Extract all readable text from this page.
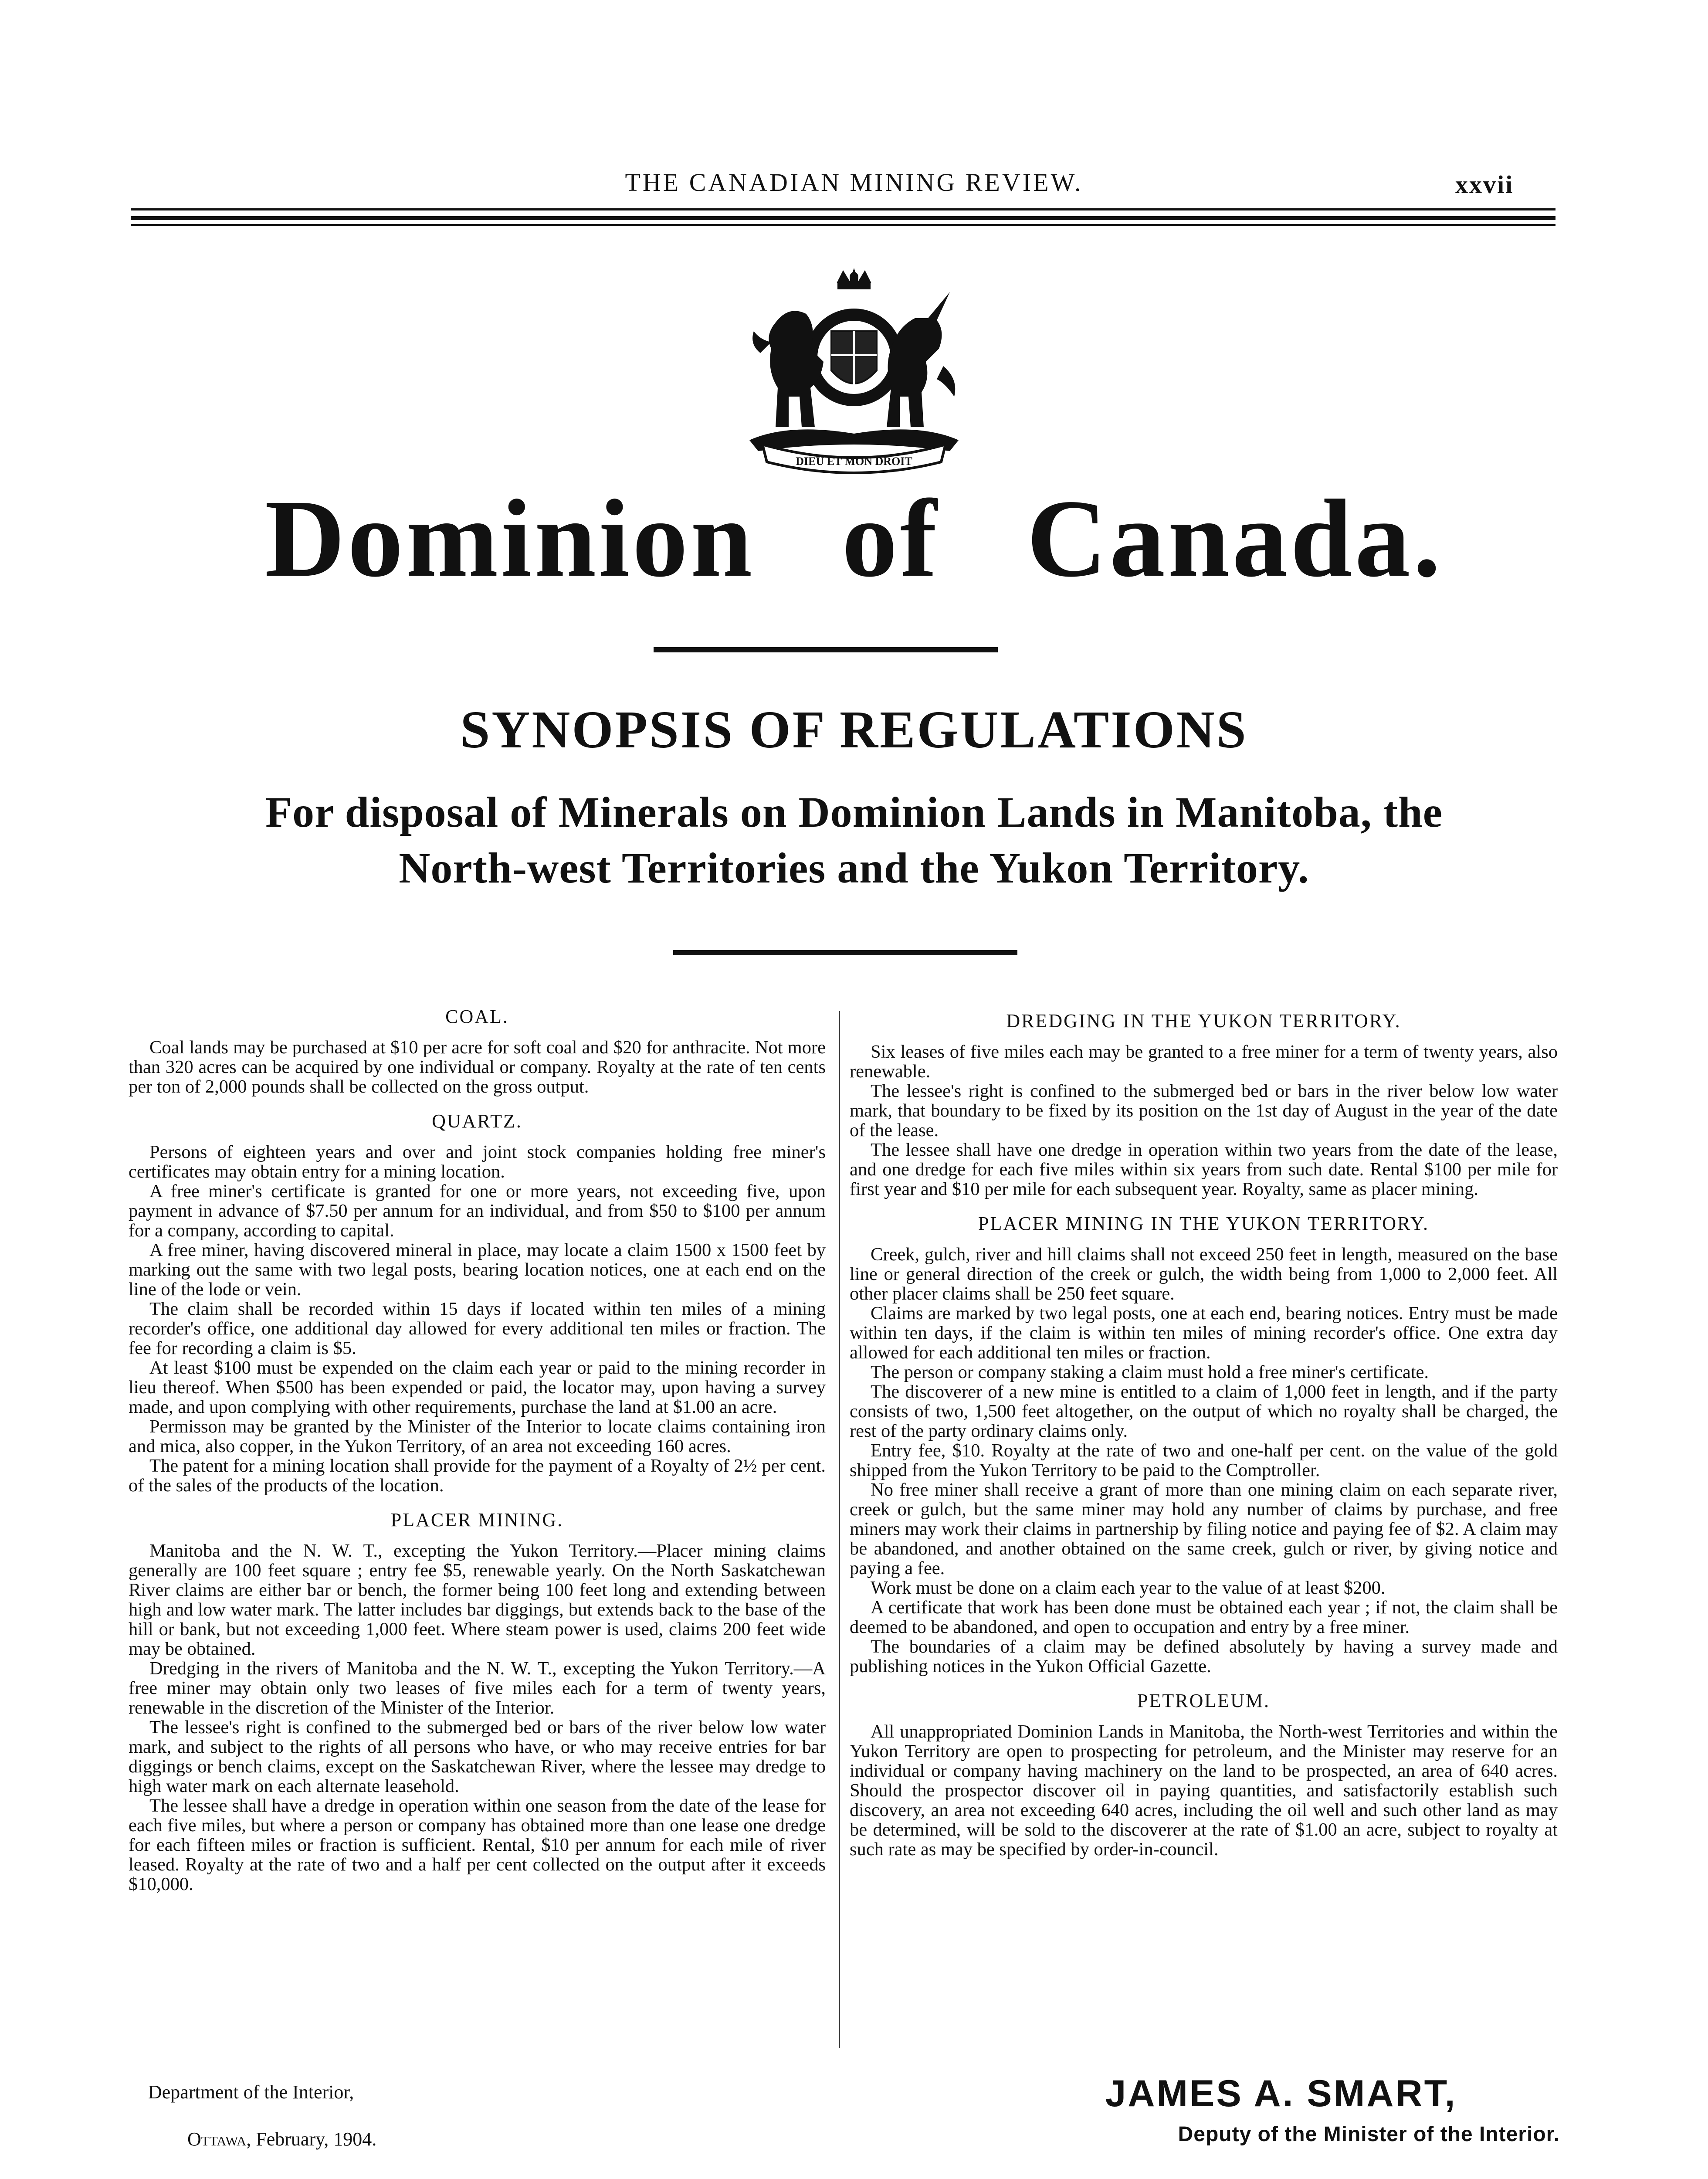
THE CANADIAN MINING REVIEW.	xxvii
DIEU ET MON DROIT
Dominion of Canada.
SYNOPSIS OF REGULATIONS
For disposal of Minerals on Dominion Lands in Manitoba, the
North-west Territories and the Yukon Territory.

COAL.

Coal lands may be purchased at $10 per acre for soft coal and $20 for anthracite. Not more than 320 acres can be acquired by one individual or company. Royalty at the rate of ten cents per ton of 2,000 pounds shall be collected on the gross output.

QUARTZ.

Persons of eighteen years and over and joint stock companies holding free miner's certificates may obtain entry for a mining location.

A free miner's certificate is granted for one or more years, not exceeding five, upon payment in advance of $7.50 per annum for an individual, and from $50 to $100 per annum for a company, according to capital.

A free miner, having discovered mineral in place, may locate a claim 1500 x 1500 feet by marking out the same with two legal posts, bearing location notices, one at each end on the line of the lode or vein.

The claim shall be recorded within 15 days if located within ten miles of a mining recorder's office, one additional day allowed for every additional ten miles or fraction. The fee for recording a claim is $5.

At least $100 must be expended on the claim each year or paid to the mining recorder in lieu thereof. When $500 has been expended or paid, the locator may, upon having a survey made, and upon complying with other requirements, purchase the land at $1.00 an acre.

Permisson may be granted by the Minister of the Interior to locate claims containing iron and mica, also copper, in the Yukon Territory, of an area not exceeding 160 acres.

The patent for a mining location shall provide for the payment of a Royalty of 2½ per cent. of the sales of the products of the location.

PLACER MINING.

Manitoba and the N. W. T., excepting the Yukon Territory.—Placer mining claims generally are 100 feet square ; entry fee $5, renewable yearly. On the North Saskatchewan River claims are either bar or bench, the former being 100 feet long and extending between high and low water mark. The latter includes bar diggings, but extends back to the base of the hill or bank, but not exceeding 1,000 feet. Where steam power is used, claims 200 feet wide may be obtained.

Dredging in the rivers of Manitoba and the N. W. T., excepting the Yukon Territory.—A free miner may obtain only two leases of five miles each for a term of twenty years, renewable in the discretion of the Minister of the Interior.

The lessee's right is confined to the submerged bed or bars of the river below low water mark, and subject to the rights of all persons who have, or who may receive entries for bar diggings or bench claims, except on the Saskatchewan River, where the lessee may dredge to high water mark on each alternate leasehold.

The lessee shall have a dredge in operation within one season from the date of the lease for each five miles, but where a person or company has obtained more than one lease one dredge for each fifteen miles or fraction is sufficient. Rental, $10 per annum for each mile of river leased. Royalty at the rate of two and a half per cent collected on the output after it exceeds $10,000.

DREDGING IN THE YUKON TERRITORY.

Six leases of five miles each may be granted to a free miner for a term of twenty years, also renewable.

The lessee's right is confined to the submerged bed or bars in the river below low water mark, that boundary to be fixed by its position on the 1st day of August in the year of the date of the lease.

The lessee shall have one dredge in operation within two years from the date of the lease, and one dredge for each five miles within six years from such date. Rental $100 per mile for first year and $10 per mile for each subsequent year. Royalty, same as placer mining.

PLACER MINING IN THE YUKON TERRITORY.

Creek, gulch, river and hill claims shall not exceed 250 feet in length, measured on the base line or general direction of the creek or gulch, the width being from 1,000 to 2,000 feet. All other placer claims shall be 250 feet square.

Claims are marked by two legal posts, one at each end, bearing notices. Entry must be made within ten days, if the claim is within ten miles of mining recorder's office. One extra day allowed for each additional ten miles or fraction.

The person or company staking a claim must hold a free miner's certificate.

The discoverer of a new mine is entitled to a claim of 1,000 feet in length, and if the party consists of two, 1,500 feet altogether, on the output of which no royalty shall be charged, the rest of the party ordinary claims only.

Entry fee, $10. Royalty at the rate of two and one-half per cent. on the value of the gold shipped from the Yukon Territory to be paid to the Comptroller.

No free miner shall receive a grant of more than one mining claim on each separate river, creek or gulch, but the same miner may hold any number of claims by purchase, and free miners may work their claims in partnership by filing notice and paying fee of $2. A claim may be abandoned, and another obtained on the same creek, gulch or river, by giving notice and paying a fee.

Work must be done on a claim each year to the value of at least $200.

A certificate that work has been done must be obtained each year ; if not, the claim shall be deemed to be abandoned, and open to occupation and entry by a free miner.

The boundaries of a claim may be defined absolutely by having a survey made and publishing notices in the Yukon Official Gazette.

PETROLEUM.

All unappropriated Dominion Lands in Manitoba, the North-west Territories and within the Yukon Territory are open to prospecting for petroleum, and the Minister may reserve for an individual or company having machinery on the land to be prospected, an area of 640 acres. Should the prospector discover oil in paying quantities, and satisfactorily establish such discovery, an area not exceeding 640 acres, including the oil well and such other land as may be determined, will be sold to the discoverer at the rate of $1.00 an acre, subject to royalty at such rate as may be specified by order-in-council.

Department of the Interior,
Ottawa, February, 1904.
JAMES A. SMART,
Deputy of the Minister of the Interior.
